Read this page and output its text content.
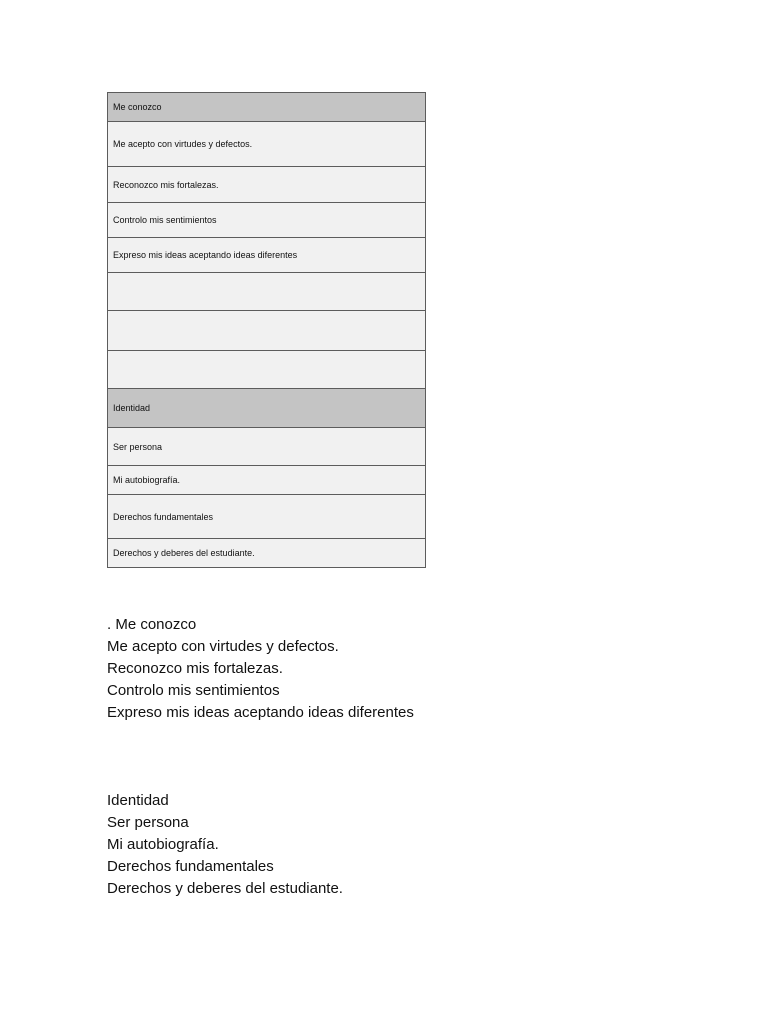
Me conozco
Me acepto con virtudes y defectos.
Reconozco mis fortalezas.
Controlo mis sentimientos
Expreso mis ideas aceptando ideas diferentes

Identidad
Ser persona
Mi autobiografía.
Derechos fundamentales
Derechos y deberes del estudiante.
. Me conozco
Me acepto con virtudes y defectos.
Reconozco mis fortalezas.
Controlo mis sentimientos
Expreso mis ideas aceptando ideas diferentes
Identidad
Ser persona
Mi autobiografía.
Derechos fundamentales
Derechos y deberes del estudiante.
